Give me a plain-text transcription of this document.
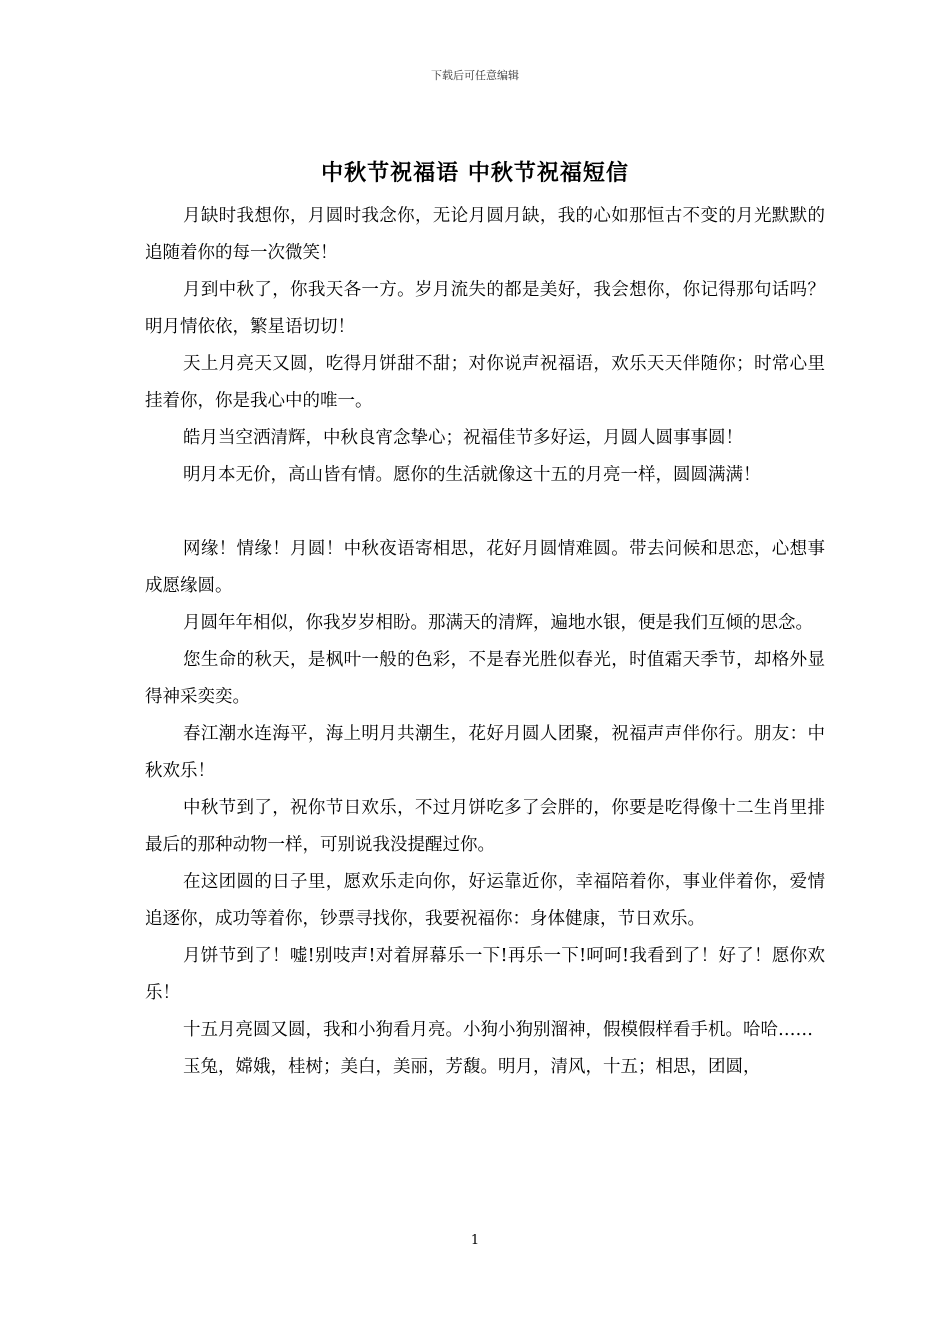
下载后可任意编辑
中秋节祝福语 中秋节祝福短信

月缺时我想你，月圆时我念你，无论月圆月缺，我的心如那恒古不变的月光默默的追随着你的每一次微笑！

月到中秋了，你我天各一方。岁月流失的都是美好，我会想你，你记得那句话吗？明月情依依，繁星语切切！

天上月亮天又圆，吃得月饼甜不甜；对你说声祝福语，欢乐天天伴随你；时常心里挂着你，你是我心中的唯一。

皓月当空洒清辉，中秋良宵念挚心；祝福佳节多好运，月圆人圆事事圆！

明月本无价，高山皆有情。愿你的生活就像这十五的月亮一样，圆圆满满！

网缘！情缘！月圆！中秋夜语寄相思，花好月圆情难圆。带去问候和思恋，心想事成愿缘圆。

月圆年年相似，你我岁岁相盼。那满天的清辉，遍地水银，便是我们互倾的思念。

您生命的秋天，是枫叶一般的色彩，不是春光胜似春光，时值霜天季节，却格外显得神采奕奕。

春江潮水连海平，海上明月共潮生，花好月圆人团聚，祝福声声伴你行。朋友：中秋欢乐！

中秋节到了，祝你节日欢乐，不过月饼吃多了会胖的，你要是吃得像十二生肖里排最后的那种动物一样，可别说我没提醒过你。

在这团圆的日子里，愿欢乐走向你，好运靠近你，幸福陪着你，事业伴着你，爱情追逐你，成功等着你，钞票寻找你，我要祝福你：身体健康，节日欢乐。

月饼节到了！嘘!别吱声!对着屏幕乐一下!再乐一下!呵呵!我看到了！好了！愿你欢乐！

十五月亮圆又圆，我和小狗看月亮。小狗小狗别溜神，假模假样看手机。哈哈……

玉兔，嫦娥，桂树；美白，美丽，芳馥。明月，清风，十五；相思，团圆，

1
